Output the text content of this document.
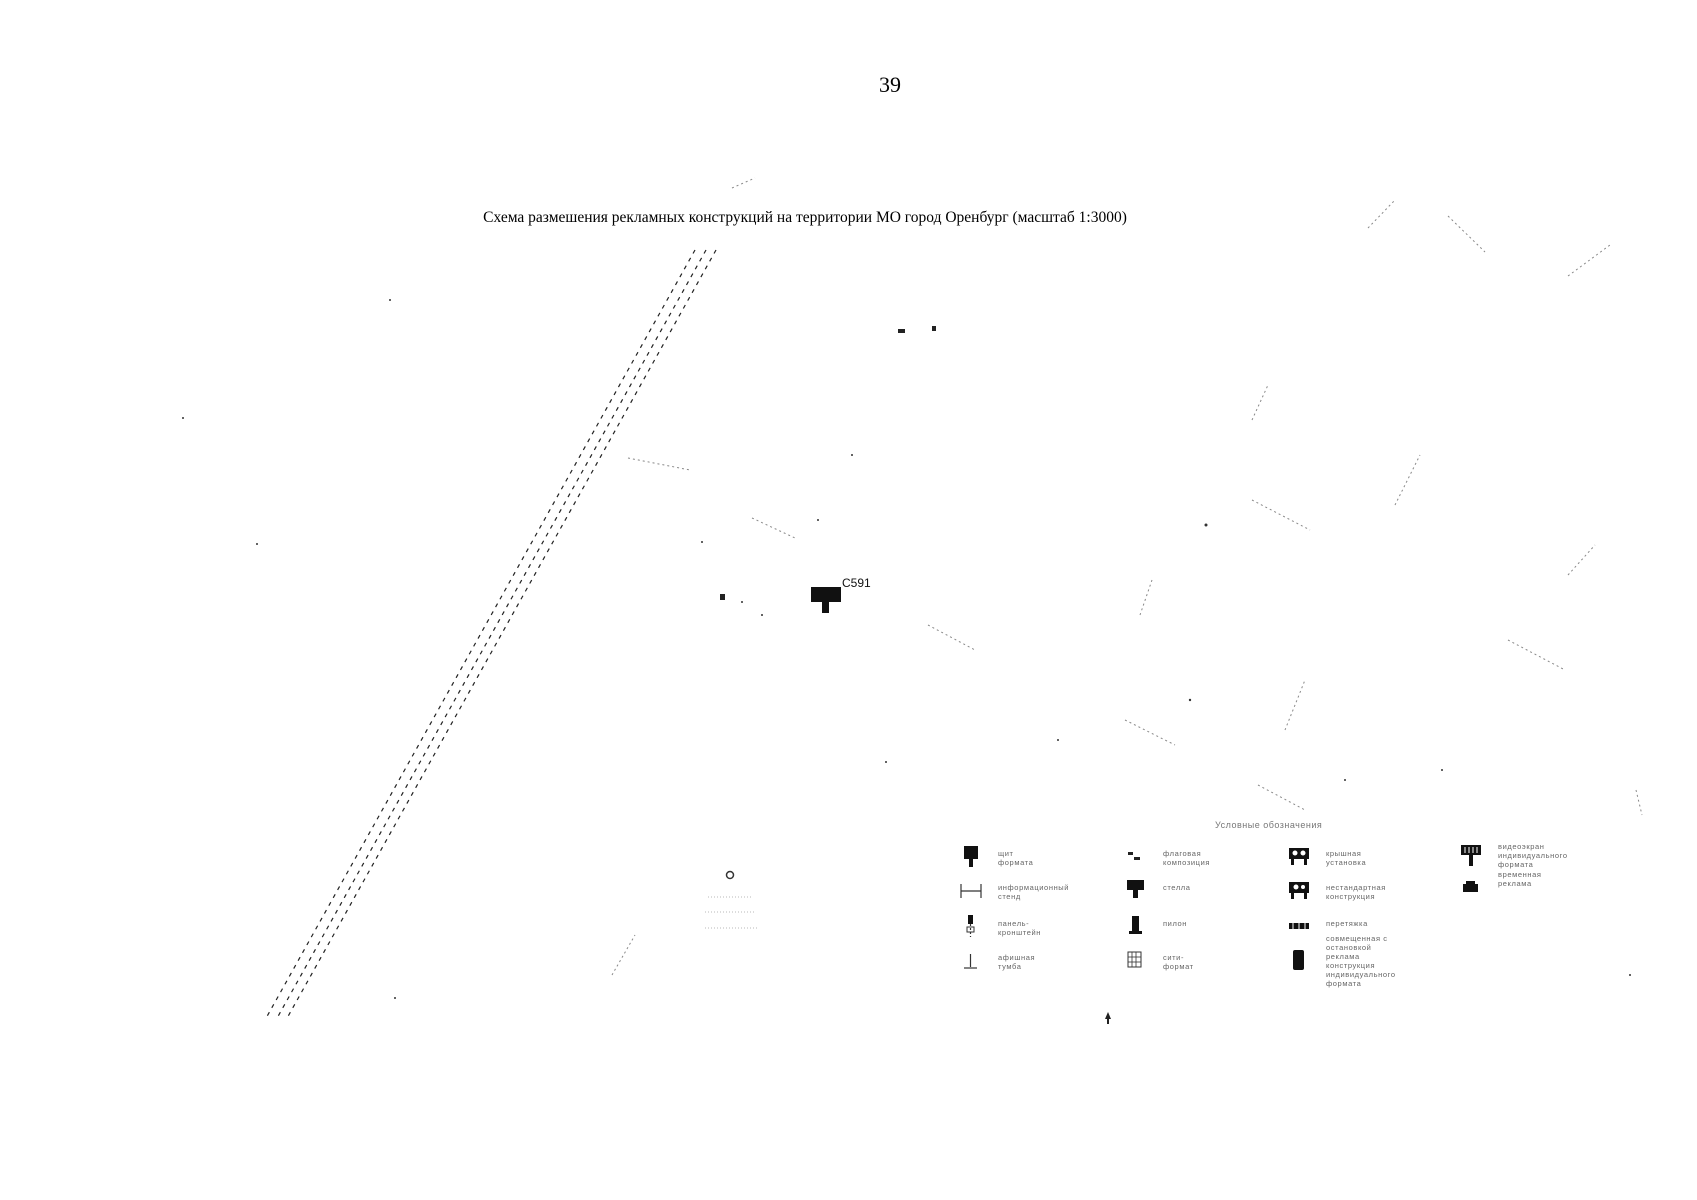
39
Схема размешения рекламных конструкций на территории МО город Оренбург (масштаб 1:3000)
С591
Условные обозначения
щит формата
информационный стенд
панель-кронштейн
афишная тумба
флаговая композиция
стелла
пилон
сити-формат
крышная установка
нестандартная конструкция
перетяжка
совмещенная с остановкой
реклама
конструкция
индивидуального формата
видеоэкран
индивидуального формата
временная реклама
